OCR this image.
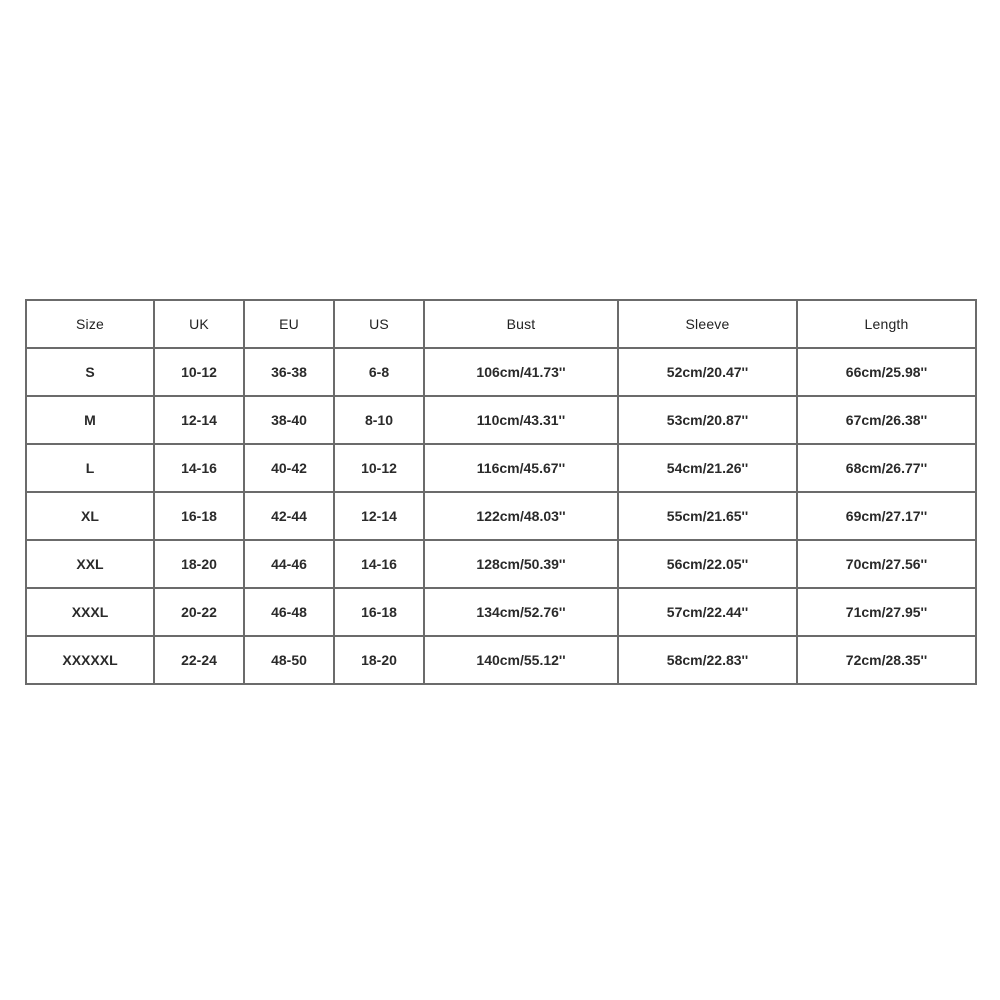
Size	UK	EU	US	Bust	Sleeve	Length
S	10-12	36-38	6-8	106cm/41.73''	52cm/20.47''	66cm/25.98''
M	12-14	38-40	8-10	110cm/43.31''	53cm/20.87''	67cm/26.38''
L	14-16	40-42	10-12	116cm/45.67''	54cm/21.26''	68cm/26.77''
XL	16-18	42-44	12-14	122cm/48.03''	55cm/21.65''	69cm/27.17''
XXL	18-20	44-46	14-16	128cm/50.39''	56cm/22.05''	70cm/27.56''
XXXL	20-22	46-48	16-18	134cm/52.76''	57cm/22.44''	71cm/27.95''
XXXXXL	22-24	48-50	18-20	140cm/55.12''	58cm/22.83''	72cm/28.35''
